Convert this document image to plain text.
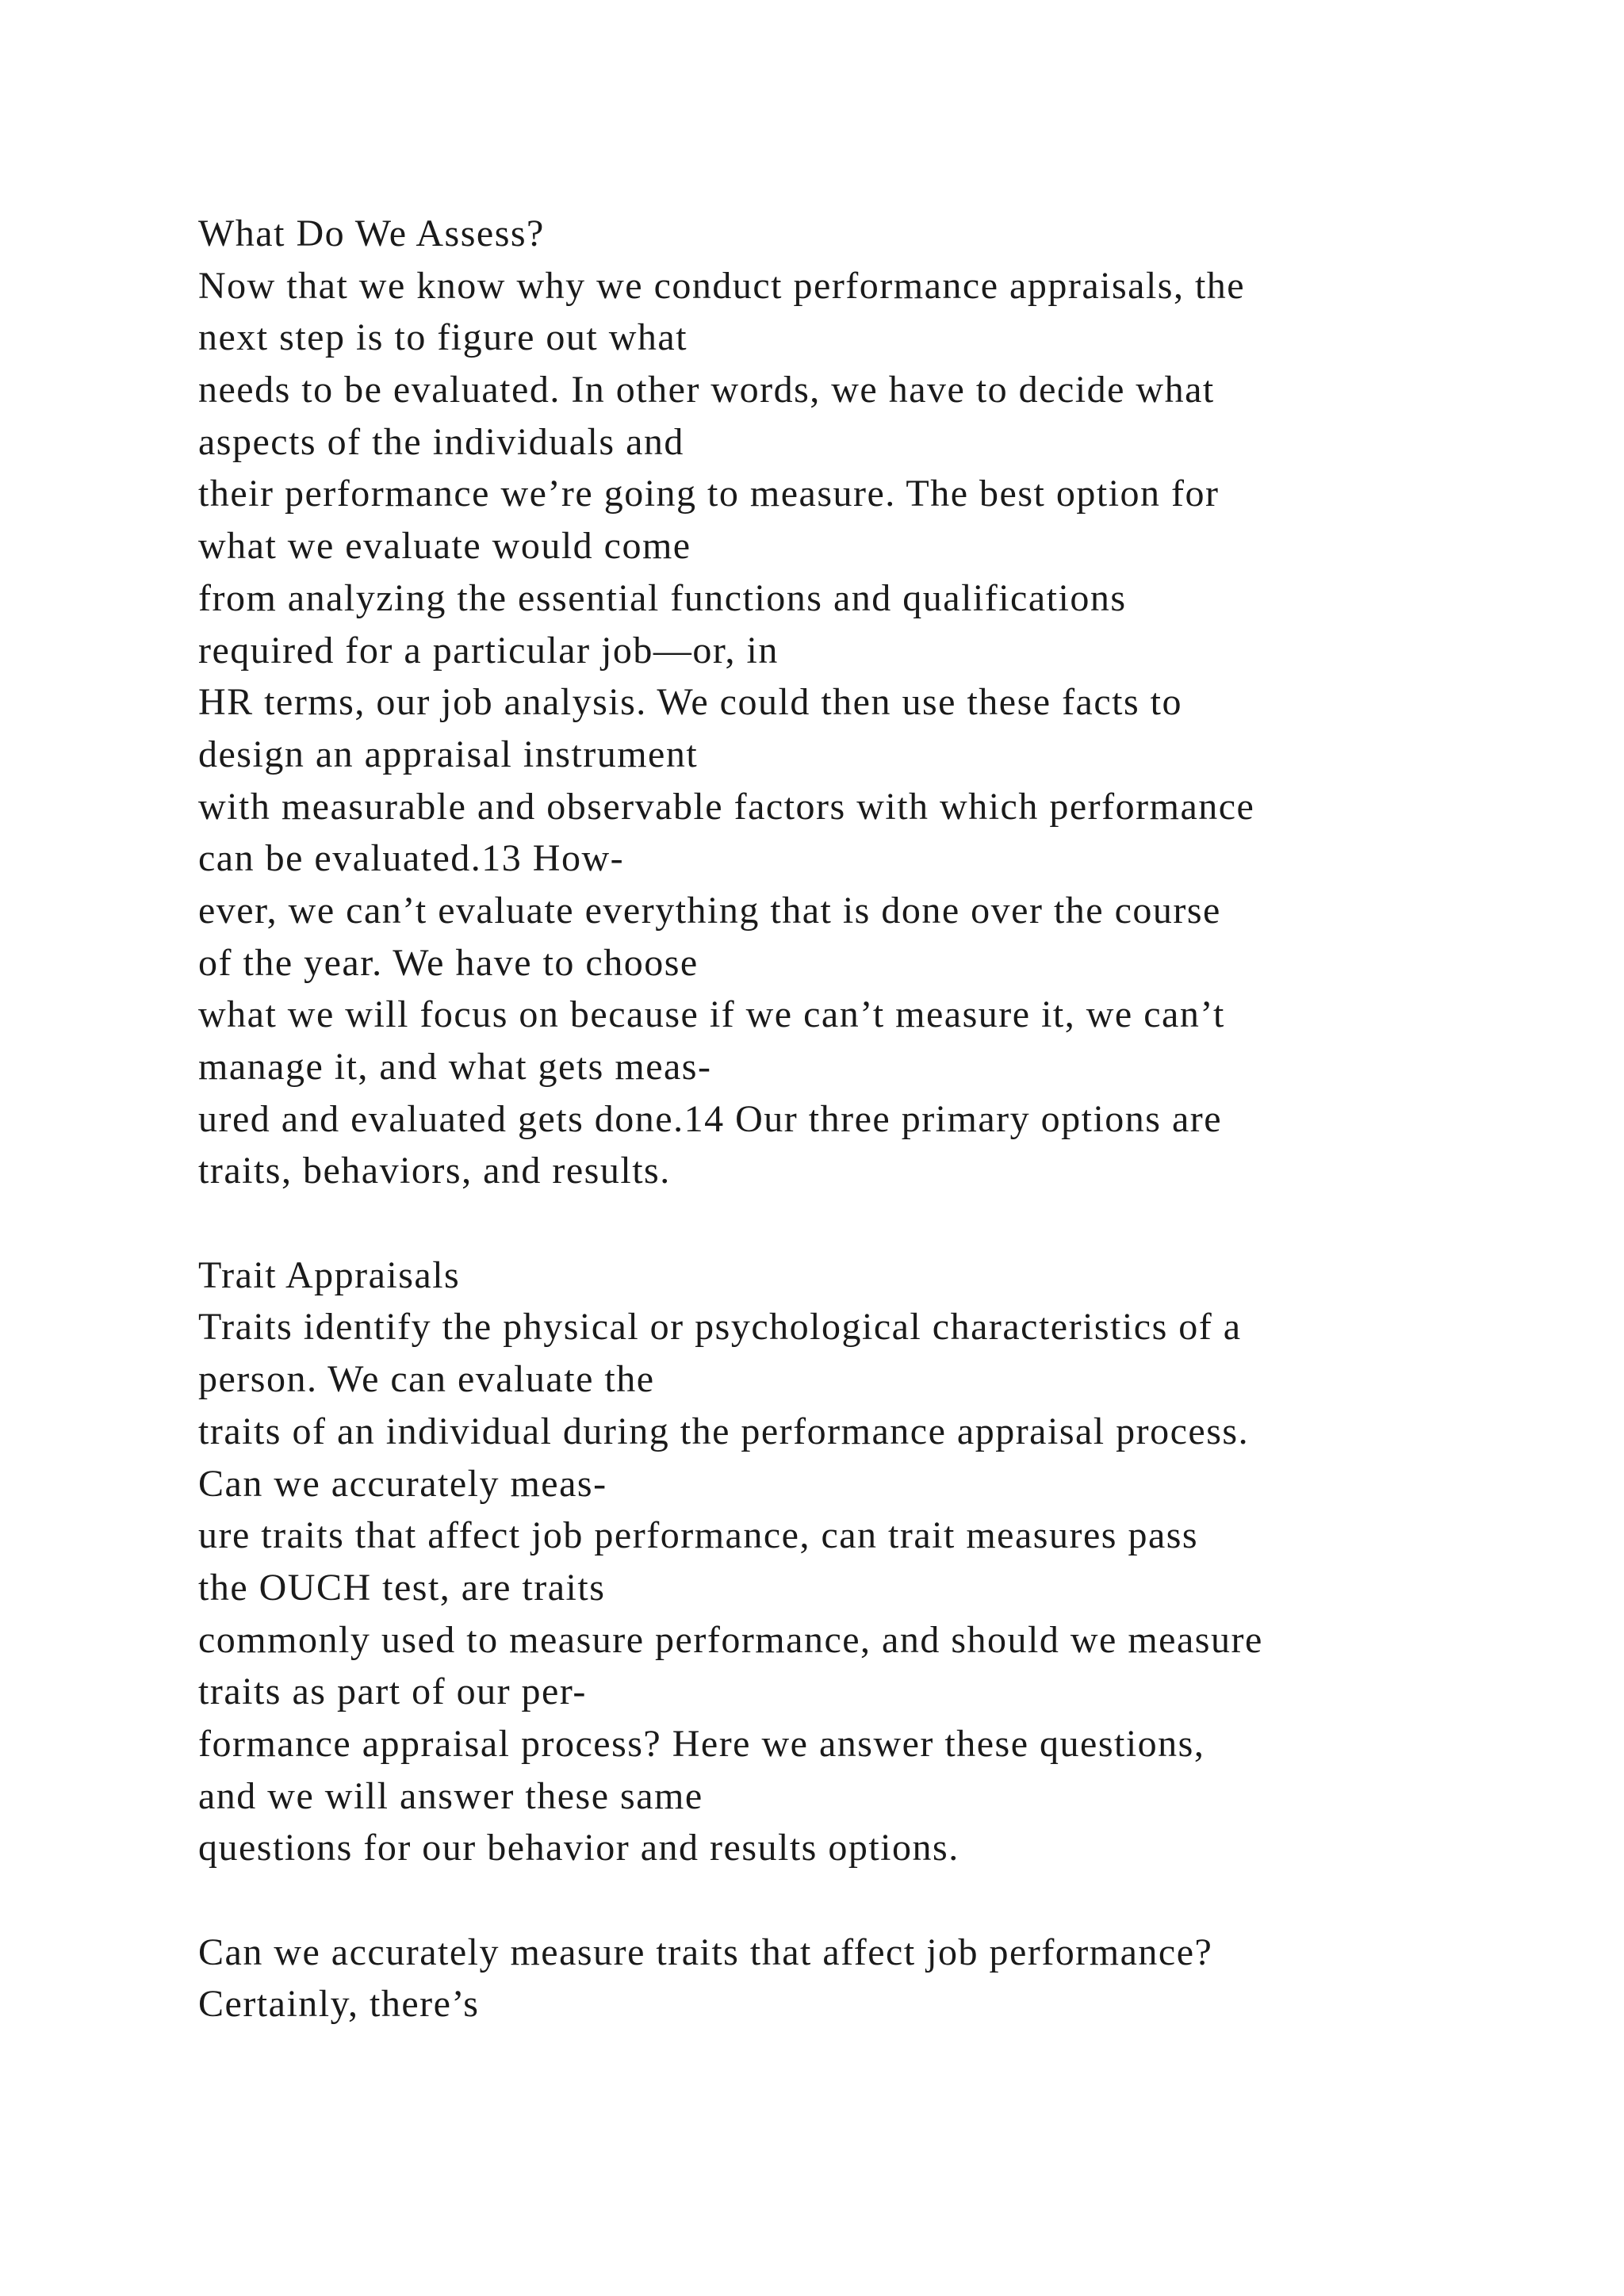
What Do We Assess?
Now that we know why we conduct performance appraisals, the
next step is to figure out what
needs to be evaluated. In other words, we have to decide what
aspects of the individuals and
their performance we’re going to measure. The best option for
what we evaluate would come
from analyzing the essential functions and qualifications
required for a particular job—or, in
HR terms, our job analysis. We could then use these facts to
design an appraisal instrument
with measurable and observable factors with which performance
can be evaluated.13 How-
ever, we can’t evaluate everything that is done over the course
of the year. We have to choose
what we will focus on because if we can’t measure it, we can’t
manage it, and what gets meas-
ured and evaluated gets done.14 Our three primary options are
traits, behaviors, and results.
Trait Appraisals
Traits identify the physical or psychological characteristics of a
person. We can evaluate the
traits of an individual during the performance appraisal process.
Can we accurately meas-
ure traits that affect job performance, can trait measures pass
the OUCH test, are traits
commonly used to measure performance, and should we measure
traits as part of our per-
formance appraisal process? Here we answer these questions,
and we will answer these same
questions for our behavior and results options.
Can we accurately measure traits that affect job performance?
Certainly, there’s
